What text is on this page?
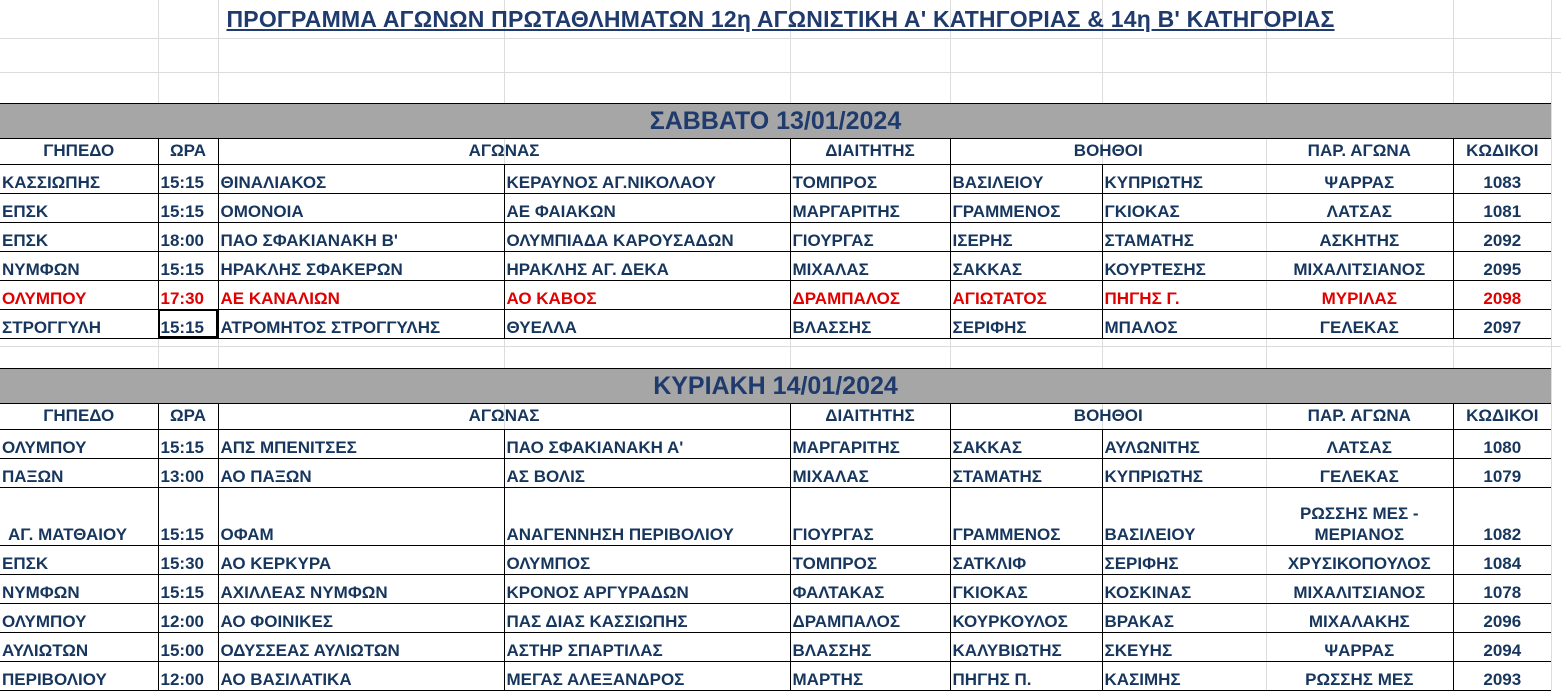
ΠΡΟΓΡΑΜΜΑ ΑΓΩΝΩΝ ΠΡΩΤΑΘΛΗΜΑΤΩΝ 12η ΑΓΩΝΙΣΤΙΚΗ Α' ΚΑΤΗΓΟΡΙΑΣ & 14η Β' ΚΑΤΗΓΟΡΙΑΣ
ΣΑΒΒΑΤΟ 13/01/2024
ΓΗΠΕΔΟ	ΩΡΑ	ΑΓΩΝΑΣ		ΔΙΑΙΤΗΤΗΣ	ΒΟΗΘΟΙ		ΠΑΡ. ΑΓΩΝΑ	ΚΩΔΙΚΟΙ
ΚΑΣΣΙΩΠΗΣ	15:15	ΘΙΝΑΛΙΑΚΟΣ	ΚΕΡΑΥΝΟΣ ΑΓ.ΝΙΚΟΛΑΟΥ	ΤΟΜΠΡΟΣ	ΒΑΣΙΛΕΙΟΥ	ΚΥΠΡΙΩΤΗΣ	ΨΑΡΡΑΣ	1083
ΕΠΣΚ	15:15	ΟΜΟΝΟΙΑ	ΑΕ ΦΑΙΑΚΩΝ	ΜΑΡΓΑΡΙΤΗΣ	ΓΡΑΜΜΕΝΟΣ	ΓΚΙΟΚΑΣ	ΛΑΤΣΑΣ	1081
ΕΠΣΚ	18:00	ΠΑΟ ΣΦΑΚΙΑΝΑΚΗ Β'	ΟΛΥΜΠΙΑΔΑ ΚΑΡΟΥΣΑΔΩΝ	ΓΙΟΥΡΓΑΣ	ΙΣΕΡΗΣ	ΣΤΑΜΑΤΗΣ	ΑΣΚΗΤΗΣ	2092
ΝΥΜΦΩΝ	15:15	ΗΡΑΚΛΗΣ ΣΦΑΚΕΡΩΝ	ΗΡΑΚΛΗΣ ΑΓ. ΔΕΚΑ	ΜΙΧΑΛΑΣ	ΣΑΚΚΑΣ	ΚΟΥΡΤΕΣΗΣ	ΜΙΧΑΛΙΤΣΙΑΝΟΣ	2095
ΟΛΥΜΠΟΥ	17:30	ΑΕ ΚΑΝΑΛΙΩΝ	ΑΟ ΚΑΒΟΣ	ΔΡΑΜΠΑΛΟΣ	ΑΓΙΩΤΑΤΟΣ	ΠΗΓΗΣ Γ.	ΜΥΡΙΛΑΣ	2098
ΣΤΡΟΓΓΥΛΗ	15:15	ΑΤΡΟΜΗΤΟΣ ΣΤΡΟΓΓΥΛΗΣ	ΘΥΕΛΛΑ	ΒΛΑΣΣΗΣ	ΣΕΡΙΦΗΣ	ΜΠΑΛΟΣ	ΓΕΛΕΚΑΣ	2097
ΚΥΡΙΑΚΗ 14/01/2024
ΓΗΠΕΔΟ	ΩΡΑ	ΑΓΩΝΑΣ		ΔΙΑΙΤΗΤΗΣ	ΒΟΗΘΟΙ		ΠΑΡ. ΑΓΩΝΑ	ΚΩΔΙΚΟΙ
ΟΛΥΜΠΟΥ	15:15	ΑΠΣ ΜΠΕΝΙΤΣΕΣ	ΠΑΟ ΣΦΑΚΙΑΝΑΚΗ Α'	ΜΑΡΓΑΡΙΤΗΣ	ΣΑΚΚΑΣ	ΑΥΛΩΝΙΤΗΣ	ΛΑΤΣΑΣ	1080
ΠΑΞΩΝ	13:00	ΑΟ ΠΑΞΩΝ	ΑΣ ΒΟΛΙΣ	ΜΙΧΑΛΑΣ	ΣΤΑΜΑΤΗΣ	ΚΥΠΡΙΩΤΗΣ	ΓΕΛΕΚΑΣ	1079
ΑΓ. ΜΑΤΘΑΙΟΥ	15:15	ΟΦΑΜ	ΑΝΑΓΕΝΝΗΣΗ ΠΕΡΙΒΟΛΙΟΥ	ΓΙΟΥΡΓΑΣ	ΓΡΑΜΜΕΝΟΣ	ΒΑΣΙΛΕΙΟΥ	ΡΩΣΣΗΣ ΜΕΣ - ΜΕΡΙΑΝΟΣ	1082
ΕΠΣΚ	15:30	ΑΟ ΚΕΡΚΥΡΑ	ΟΛΥΜΠΟΣ	ΤΟΜΠΡΟΣ	ΣΑΤΚΛΙΦ	ΣΕΡΙΦΗΣ	ΧΡΥΣΙΚΟΠΟΥΛΟΣ	1084
ΝΥΜΦΩΝ	15:15	ΑΧΙΛΛΕΑΣ ΝΥΜΦΩΝ	ΚΡΟΝΟΣ ΑΡΓΥΡΑΔΩΝ	ΦΑΛΤΑΚΑΣ	ΓΚΙΟΚΑΣ	ΚΟΣΚΙΝΑΣ	ΜΙΧΑΛΙΤΣΙΑΝΟΣ	1078
ΟΛΥΜΠΟΥ	12:00	ΑΟ ΦΟΙΝΙΚΕΣ	ΠΑΣ ΔΙΑΣ ΚΑΣΣΙΩΠΗΣ	ΔΡΑΜΠΑΛΟΣ	ΚΟΥΡΚΟΥΛΟΣ	ΒΡΑΚΑΣ	ΜΙΧΑΛΑΚΗΣ	2096
ΑΥΛΙΩΤΩΝ	15:00	ΟΔΥΣΣΕΑΣ ΑΥΛΙΩΤΩΝ	ΑΣΤΗΡ ΣΠΑΡΤΙΛΑΣ	ΒΛΑΣΣΗΣ	ΚΑΛΥΒΙΩΤΗΣ	ΣΚΕΥΗΣ	ΨΑΡΡΑΣ	2094
ΠΕΡΙΒΟΛΙΟΥ	12:00	ΑΟ ΒΑΣΙΛΑΤΙΚΑ	ΜΕΓΑΣ ΑΛΕΞΑΝΔΡΟΣ	ΜΑΡΤΗΣ	ΠΗΓΗΣ Π.	ΚΑΣΙΜΗΣ	ΡΩΣΣΗΣ ΜΕΣ	2093
